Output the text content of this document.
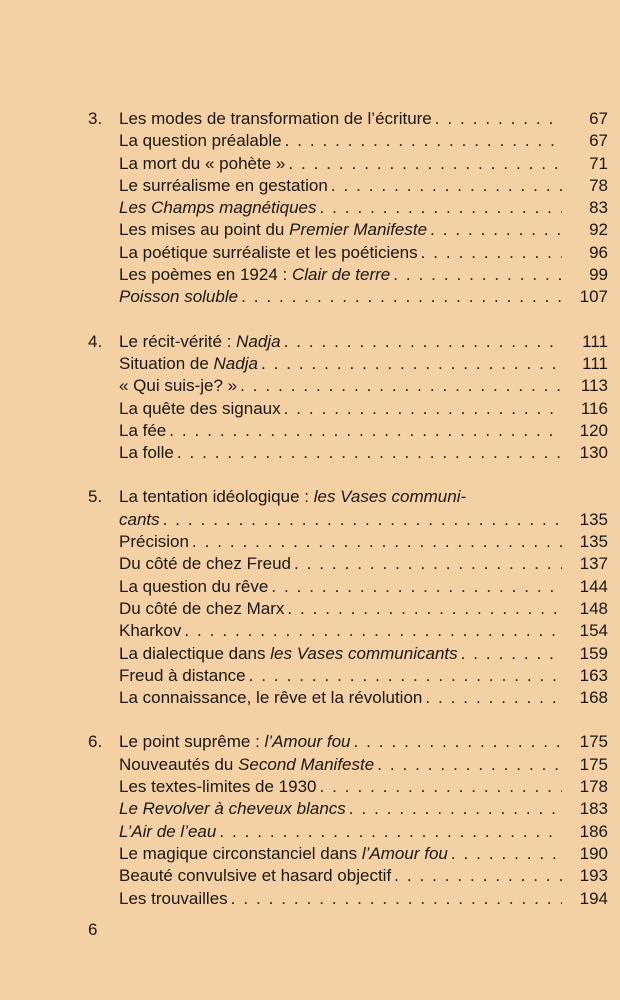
3. Les modes de transformation de l’écriture . . .	67
La question préalable . . .	67
La mort du « pohète » . . .	71
Le surréalisme en gestation . . .	78
Les Champs magnétiques . . .	83
Les mises au point du Premier Manifeste . . .	92
La poétique surréaliste et les poéticiens . . .	96
Les poèmes en 1924 : Clair de terre . . .	99
Poisson soluble . . .	107
4. Le récit-vérité : Nadja . . .	111
Situation de Nadja . . .	111
« Qui suis-je? » . . .	113
La quête des signaux . . .	116
La fée . . .	120
La folle . . .	130
5. La tentation idéologique : les Vases communi-
cants . . .	135
Précision . . .	135
Du côté de chez Freud . . .	137
La question du rêve . . .	144
Du côté de chez Marx . . .	148
Kharkov . . .	154
La dialectique dans les Vases communicants . . .	159
Freud à distance . . .	163
La connaissance, le rêve et la révolution . . .	168
6. Le point suprême : l’Amour fou . . .	175
Nouveautés du Second Manifeste . . .	175
Les textes-limites de 1930 . . .	178
Le Revolver à cheveux blancs . . .	183
L’Air de l’eau . . .	186
Le magique circonstanciel dans l’Amour fou . . .	190
Beauté convulsive et hasard objectif . . .	193
Les trouvailles . . .	194
6
